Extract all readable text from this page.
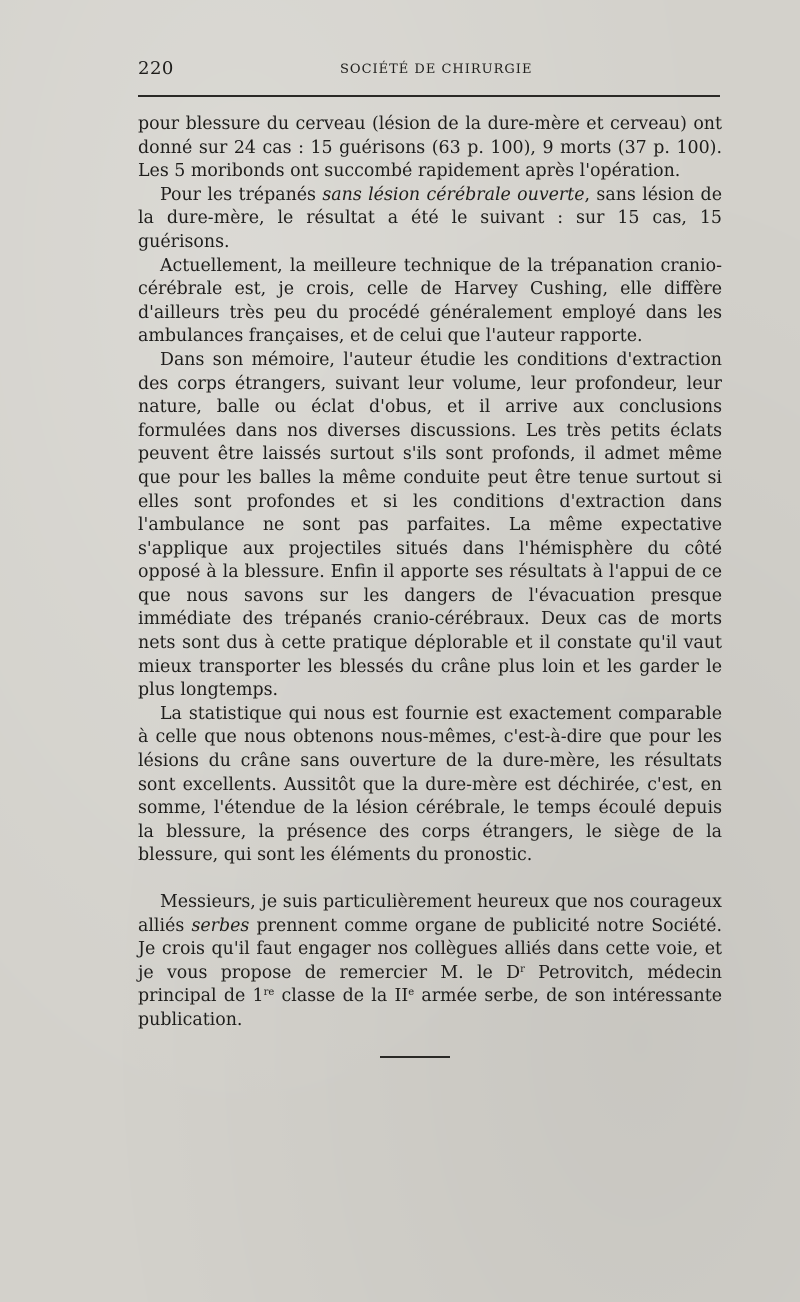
220	SOCIÉTÉ DE CHIRURGIE

pour blessure du cerveau (lésion de la dure-mère et cerveau) ont donné sur 24 cas : 15 guérisons (63 p. 100), 9 morts (37 p. 100). Les 5 moribonds ont succombé rapidement après l'opération.

Pour les trépanés sans lésion cérébrale ouverte, sans lésion de la dure-mère, le résultat a été le suivant : sur 15 cas, 15 guérisons.

Actuellement, la meilleure technique de la trépanation cranio-cérébrale est, je crois, celle de Harvey Cushing, elle diffère d'ailleurs très peu du procédé généralement employé dans les ambulances françaises, et de celui que l'auteur rapporte.

Dans son mémoire, l'auteur étudie les conditions d'extraction des corps étrangers, suivant leur volume, leur profondeur, leur nature, balle ou éclat d'obus, et il arrive aux conclusions formulées dans nos diverses discussions. Les très petits éclats peuvent être laissés surtout s'ils sont profonds, il admet même que pour les balles la même conduite peut être tenue surtout si elles sont profondes et si les conditions d'extraction dans l'ambulance ne sont pas parfaites. La même expectative s'applique aux projectiles situés dans l'hémisphère du côté opposé à la blessure. Enfin il apporte ses résultats à l'appui de ce que nous savons sur les dangers de l'évacuation presque immédiate des trépanés cranio-cérébraux. Deux cas de morts nets sont dus à cette pratique déplorable et il constate qu'il vaut mieux transporter les blessés du crâne plus loin et les garder le plus longtemps.

La statistique qui nous est fournie est exactement comparable à celle que nous obtenons nous-mêmes, c'est-à-dire que pour les lésions du crâne sans ouverture de la dure-mère, les résultats sont excellents. Aussitôt que la dure-mère est déchirée, c'est, en somme, l'étendue de la lésion cérébrale, le temps écoulé depuis la blessure, la présence des corps étrangers, le siège de la blessure, qui sont les éléments du pronostic.

Messieurs, je suis particulièrement heureux que nos courageux alliés serbes prennent comme organe de publicité notre Société. Je crois qu'il faut engager nos collègues alliés dans cette voie, et je vous propose de remercier M. le $D^r$ Petrovitch, médecin principal de 1re classe de la IIe armée serbe, de son intéressante publication.
